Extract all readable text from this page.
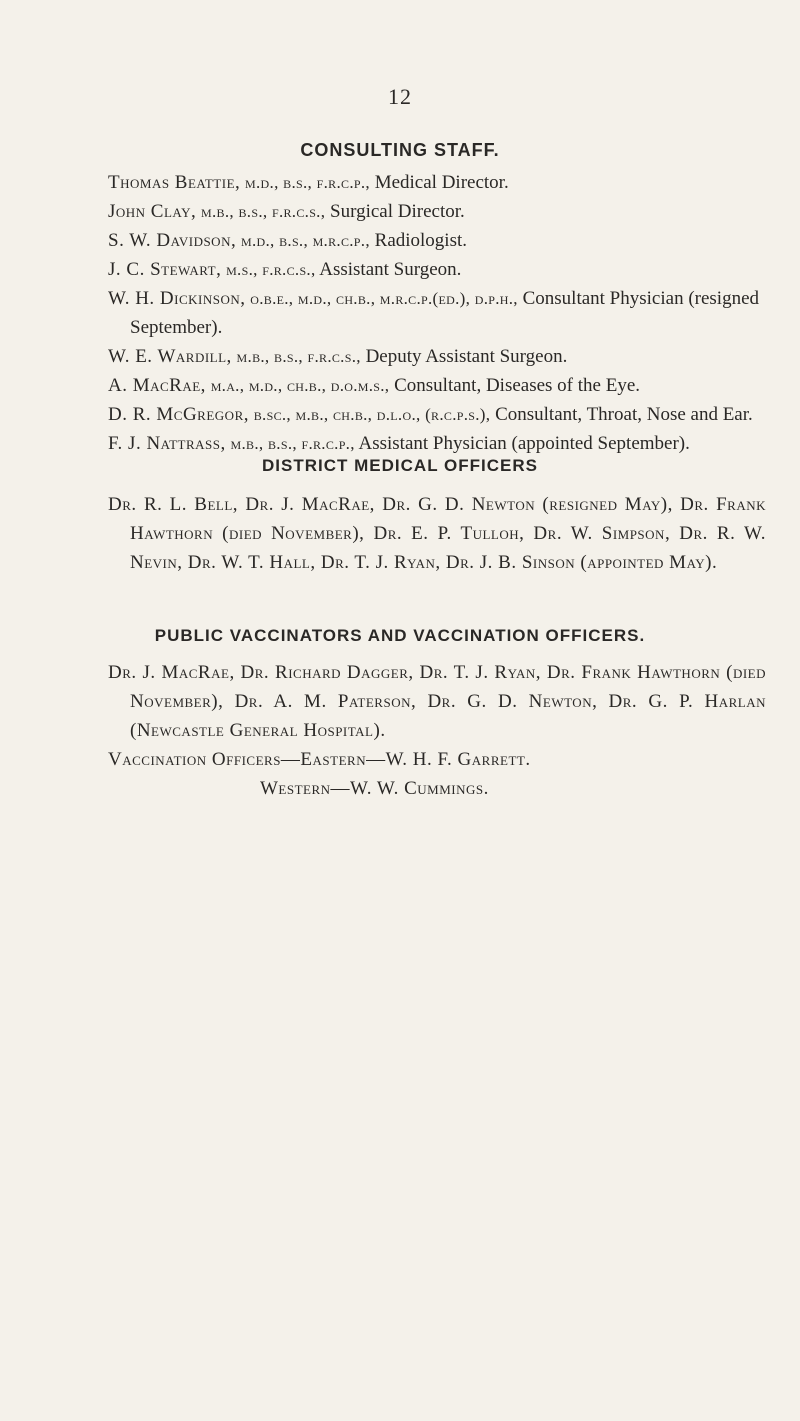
12
CONSULTING STAFF.

Thomas Beattie, m.d., b.s., f.r.c.p., Medical Director.

John Clay, m.b., b.s., f.r.c.s., Surgical Director.

S. W. Davidson, m.d., b.s., m.r.c.p., Radiologist.

J. C. Stewart, m.s., f.r.c.s., Assistant Surgeon.

W. H. Dickinson, o.b.e., m.d., ch.b., m.r.c.p.(ed.), d.p.h., Consultant Physician (resigned September).

W. E. Wardill, m.b., b.s., f.r.c.s., Deputy Assistant Surgeon.

A. MacRae, m.a., m.d., ch.b., d.o.m.s., Consultant, Diseases of the Eye.

D. R. McGregor, b.sc., m.b., ch.b., d.l.o., (r.c.p.s.), Consultant, Throat, Nose and Ear.

F. J. Nattrass, m.b., b.s., f.r.c.p., Assistant Physician (appointed September).

DISTRICT MEDICAL OFFICERS

Dr. R. L. Bell, Dr. J. MacRae, Dr. G. D. Newton (resigned May), Dr. Frank Hawthorn (died November), Dr. E. P. Tulloh, Dr. W. Simpson, Dr. R. W. Nevin, Dr. W. T. Hall, Dr. T. J. Ryan, Dr. J. B. Sinson (appointed May).

PUBLIC VACCINATORS AND VACCINATION OFFICERS.

Dr. J. MacRae, Dr. Richard Dagger, Dr. T. J. Ryan, Dr. Frank Hawthorn (died November), Dr. A. M. Paterson, Dr. G. D. Newton, Dr. G. P. Harlan (Newcastle General Hospital).

Vaccination Officers—Eastern—W. H. F. Garrett.

Western—W. W. Cummings.
